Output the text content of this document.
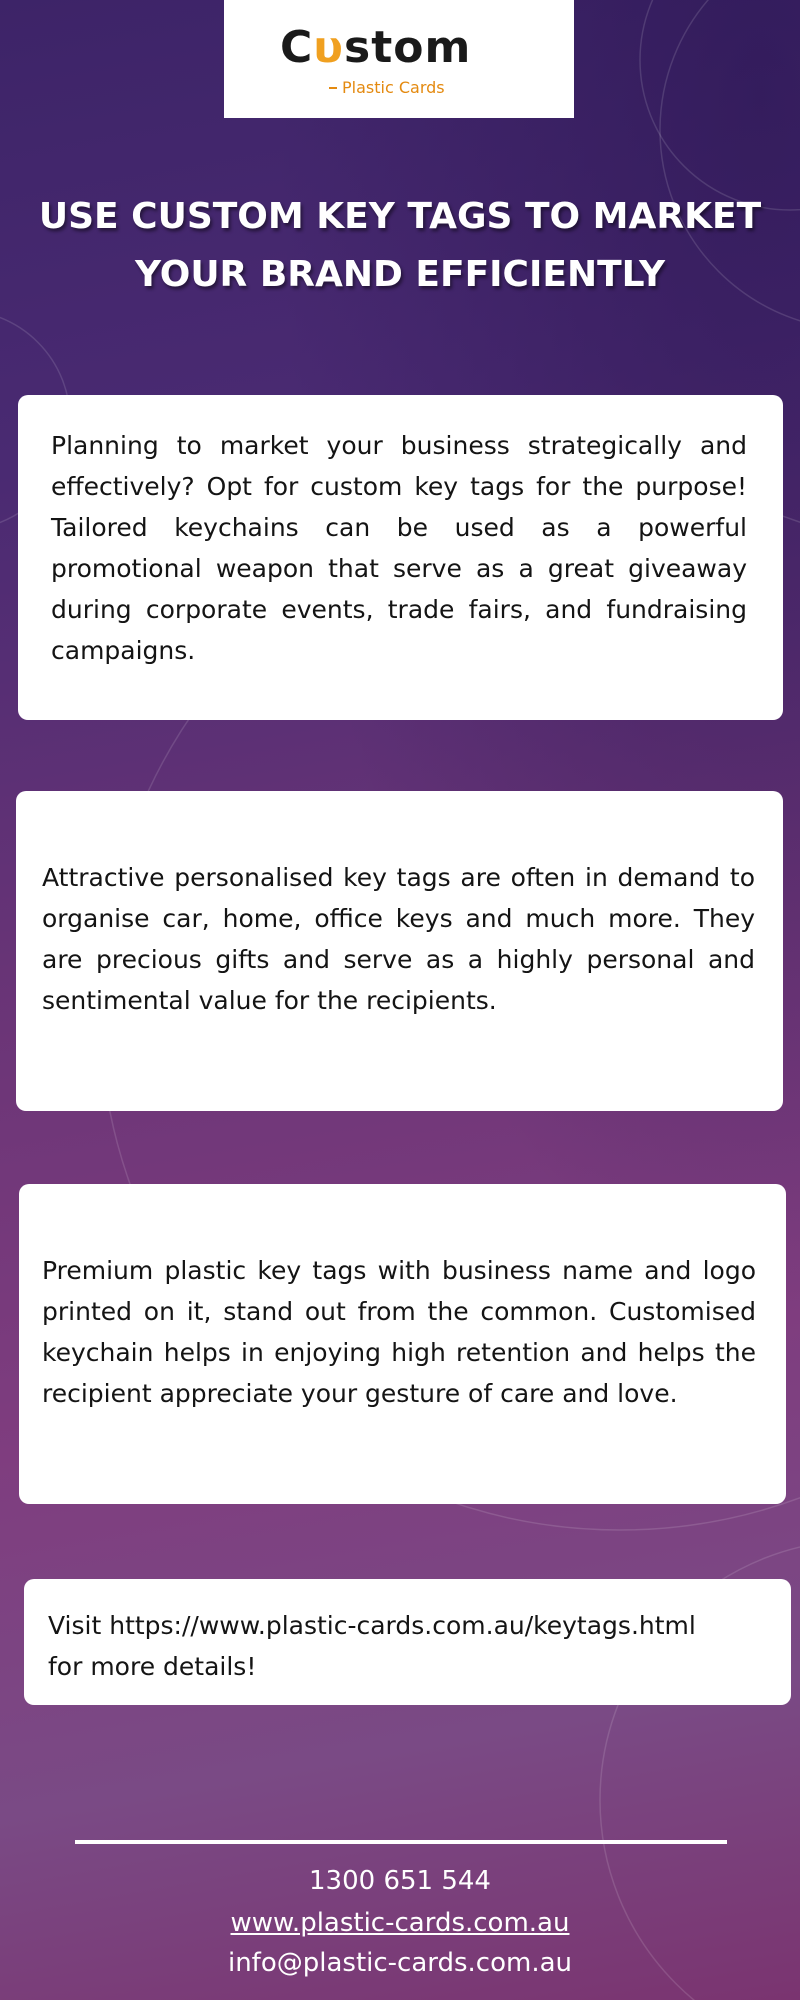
Cυstom
Plastic Cards
USE CUSTOM KEY TAGS TO MARKET
YOUR BRAND EFFICIENTLY

Planning to market your business strategically and effectively? Opt for custom key tags for the purpose! Tailored keychains can be used as a powerful promotional weapon that serve as a great giveaway during corporate events, trade fairs, and fundraising campaigns.

Attractive personalised key tags are often in demand to organise car, home, office keys and much more. They are precious gifts and serve as a highly personal and sentimental value for the recipients.

Premium plastic key tags with business name and logo printed on it, stand out from the common. Customised keychain helps in enjoying high retention and helps the recipient appreciate your gesture of care and love.

Visit https://www.plastic-cards.com.au/keytags.html
for more details!

1300 651 544
www.plastic-cards.com.au
info@plastic-cards.com.au
